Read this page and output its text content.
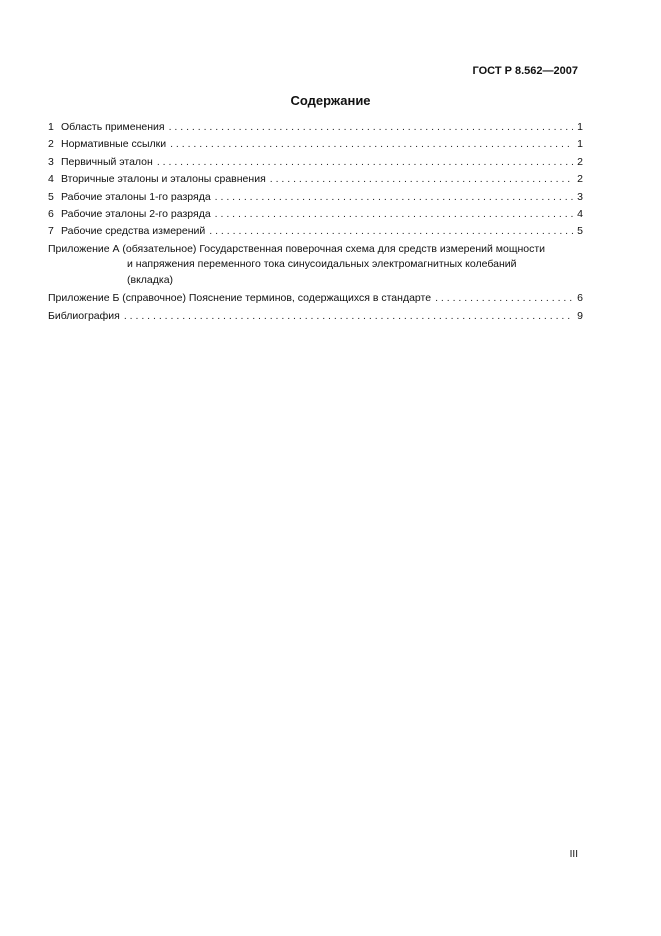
ГОСТ Р 8.562—2007
Содержание
1 Область применения . . .	1
2 Нормативные ссылки . . .	1
3 Первичный эталон . . .	2
4 Вторичные эталоны и эталоны сравнения . . .	2
5 Рабочие эталоны 1-го разряда . . .	3
6 Рабочие эталоны 2-го разряда . . .	4
7 Рабочие средства измерений . . .	5
Приложение А (обязательное) Государственная поверочная схема для средств измерений мощности
и напряжения переменного тока синусоидальных электромагнитных колебаний
(вкладка)
Приложение Б (справочное) Пояснение терминов, содержащихся в стандарте . . .	6
Библиография . . .	9
III
